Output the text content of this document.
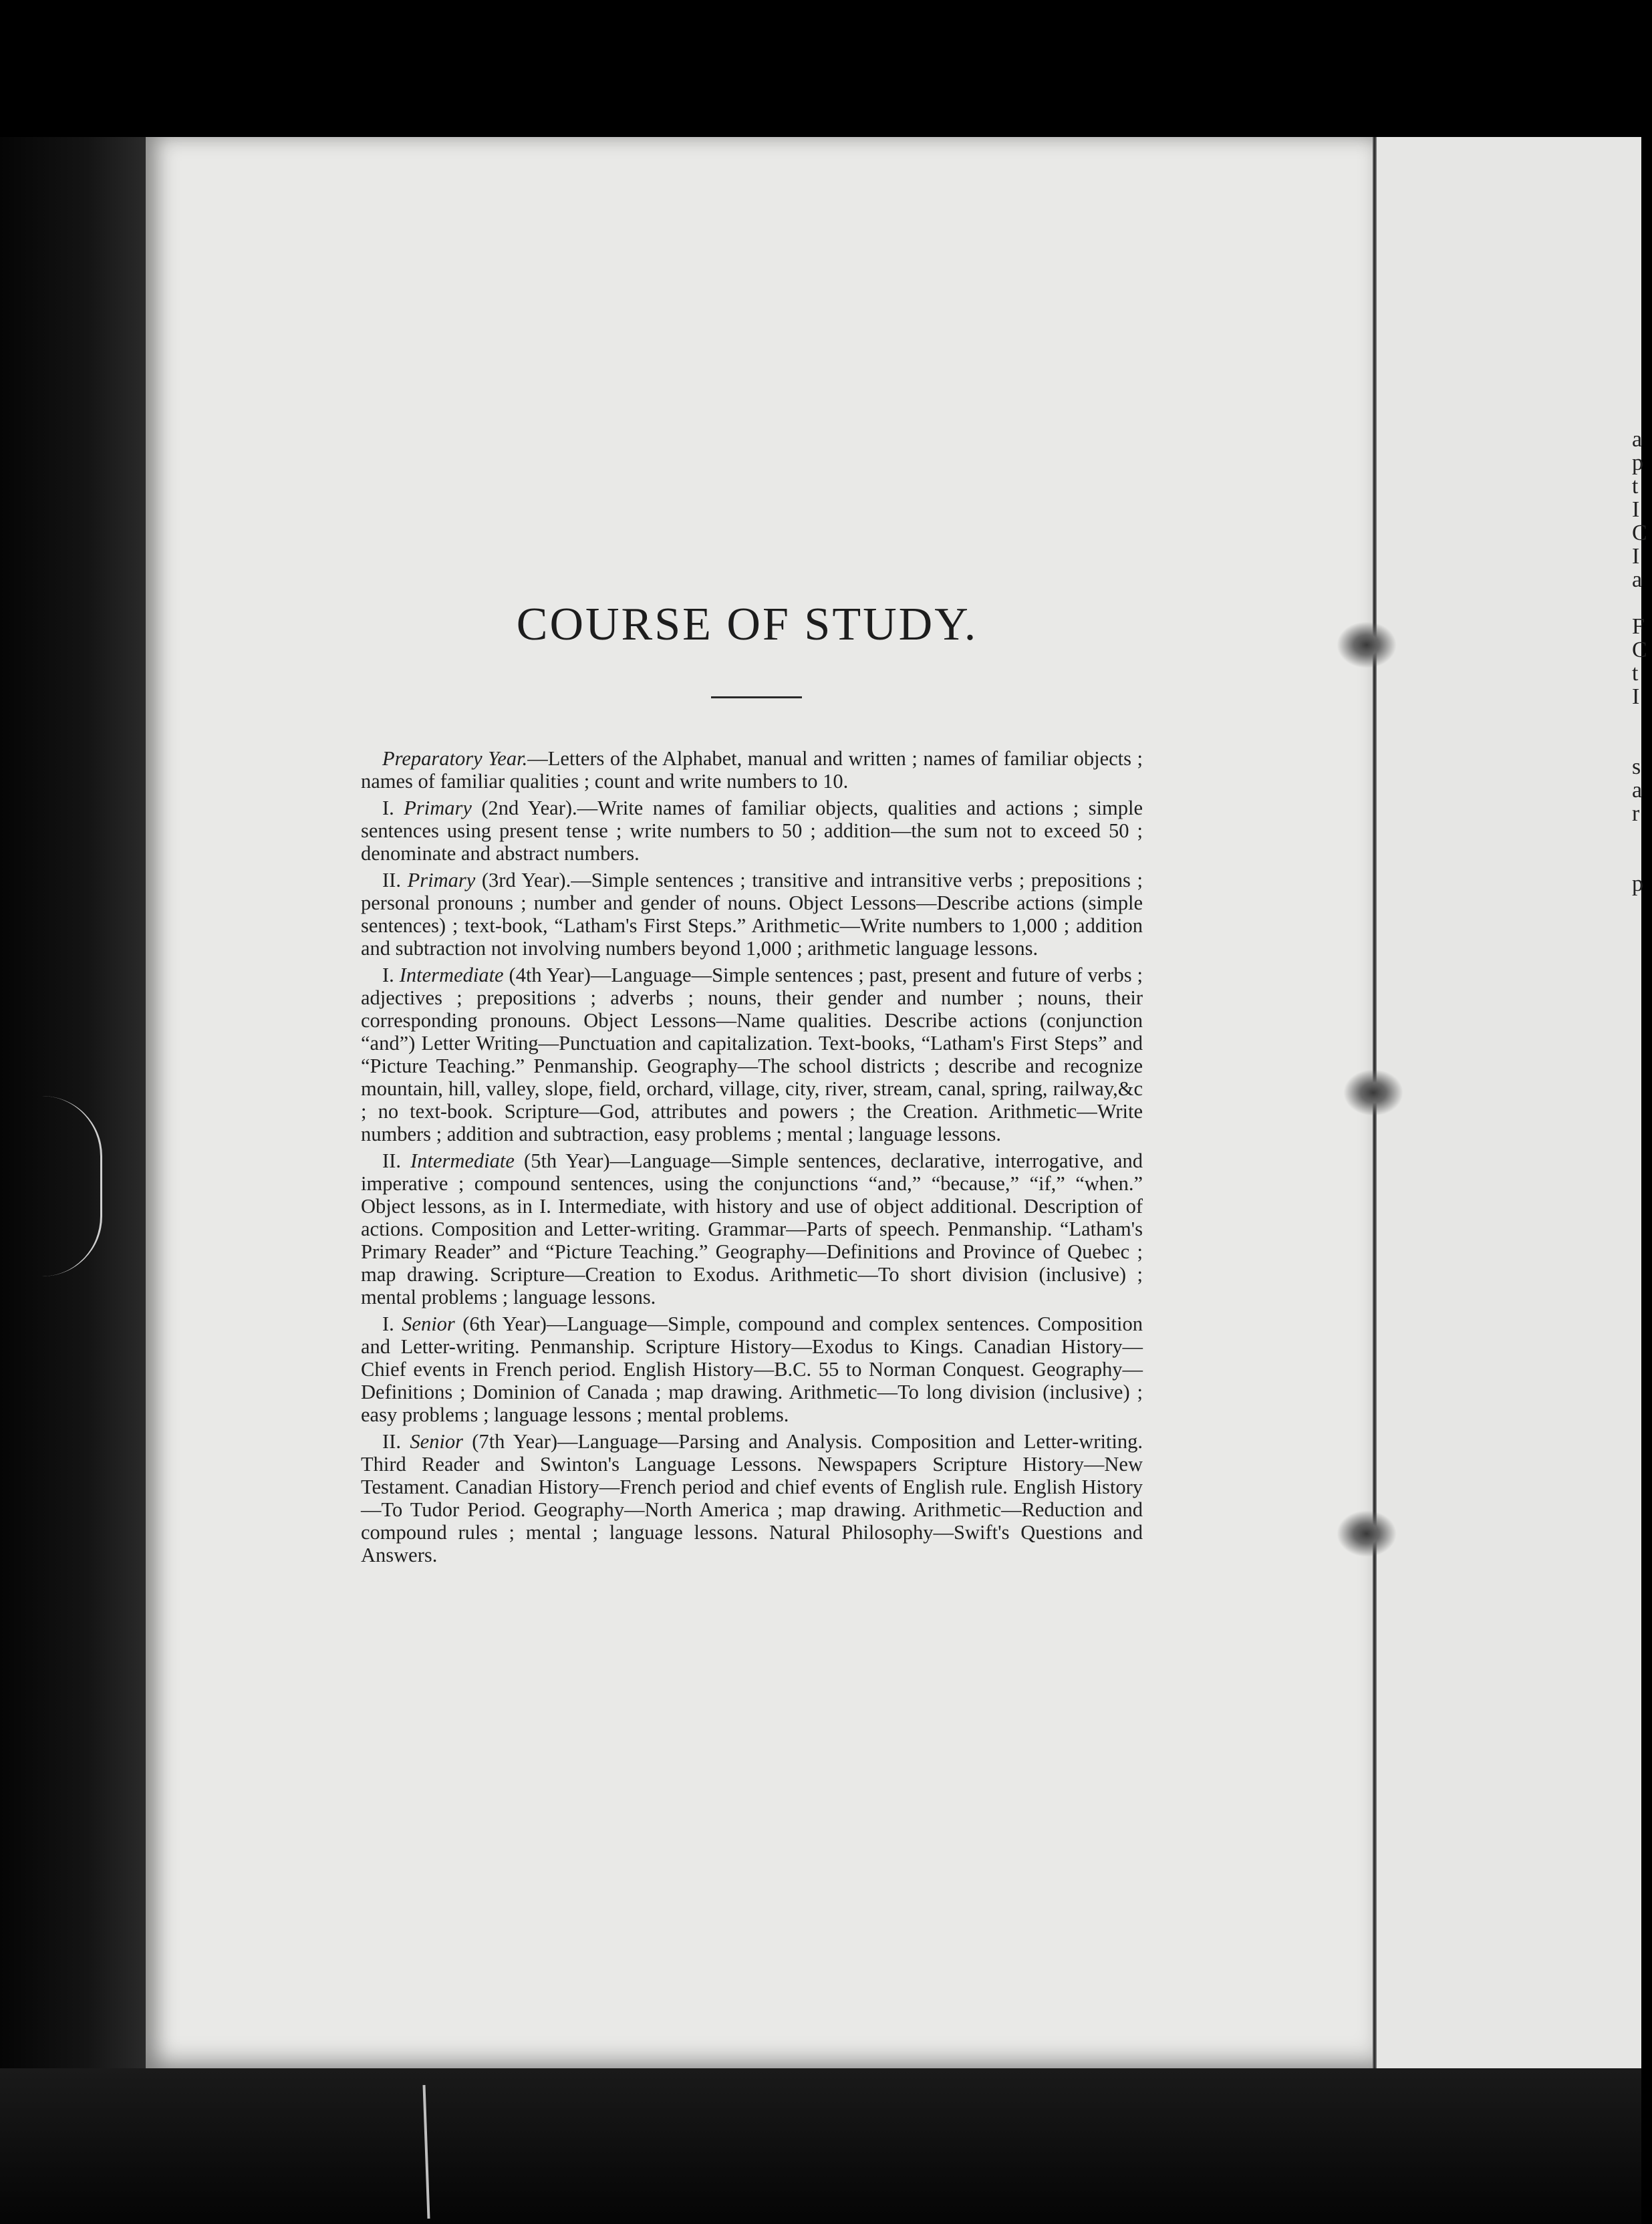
COURSE OF STUDY.

Preparatory Year.—Letters of the Alphabet, manual and written ; names of familiar objects ; names of familiar qualities ; count and write numbers to 10.

I. Primary (2nd Year).—Write names of familiar objects, qualities and actions ; simple sentences using present tense ; write numbers to 50 ; addition—the sum not to exceed 50 ; denominate and abstract numbers.

II. Primary (3rd Year).—Simple sentences ; transitive and intransitive verbs ; prepositions ; personal pronouns ; number and gender of nouns. Object Lessons—Describe actions (simple sentences) ; text-book, “Latham's First Steps.” Arithmetic—Write numbers to 1,000 ; addition and subtraction not involving numbers beyond 1,000 ; arithmetic language lessons.

I. Intermediate (4th Year)—Language—Simple sentences ; past, present and future of verbs ; adjectives ; prepositions ; adverbs ; nouns, their gender and number ; nouns, their corresponding pronouns. Object Lessons—Name qualities. Describe actions (conjunction “and”) Letter Writing—Punctuation and capitalization. Text-books, “Latham's First Steps” and “Picture Teaching.” Penmanship. Geography—The school districts ; describe and recognize mountain, hill, valley, slope, field, orchard, village, city, river, stream, canal, spring, railway,&c ; no text-book. Scripture—God, attributes and powers ; the Creation. Arithmetic—Write numbers ; addition and subtraction, easy problems ; mental ; language lessons.

II. Intermediate (5th Year)—Language—Simple sentences, declarative, interrogative, and imperative ; compound sentences, using the conjunctions “and,” “because,” “if,” “when.” Object lessons, as in I. Intermediate, with history and use of object additional. Description of actions. Composition and Letter-writing. Grammar—Parts of speech. Penmanship. “Latham's Primary Reader” and “Picture Teaching.” Geography—Definitions and Province of Quebec ; map drawing. Scripture—Creation to Exodus. Arithmetic—To short division (inclusive) ; mental problems ; language lessons.

I. Senior (6th Year)—Language—Simple, compound and complex sentences. Composition and Letter-writing. Penmanship. Scripture History—Exodus to Kings. Canadian History—Chief events in French period. English History—B.C. 55 to Norman Conquest. Geography—Definitions ; Dominion of Canada ; map drawing. Arithmetic—To long division (inclusive) ; easy problems ; language lessons ; mental problems.

II. Senior (7th Year)—Language—Parsing and Analysis. Composition and Letter-writing. Third Reader and Swinton's Language Lessons. Newspapers Scripture History—New Testament. Canadian History—French period and chief events of English rule. English History—To Tudor Period. Geography—North America ; map drawing. Arithmetic—Reduction and compound rules ; mental ; language lessons. Natural Philosophy—Swift's Questions and Answers.

a
p
t
I
C
I
a

F
C
t
I

s
a
r

p
